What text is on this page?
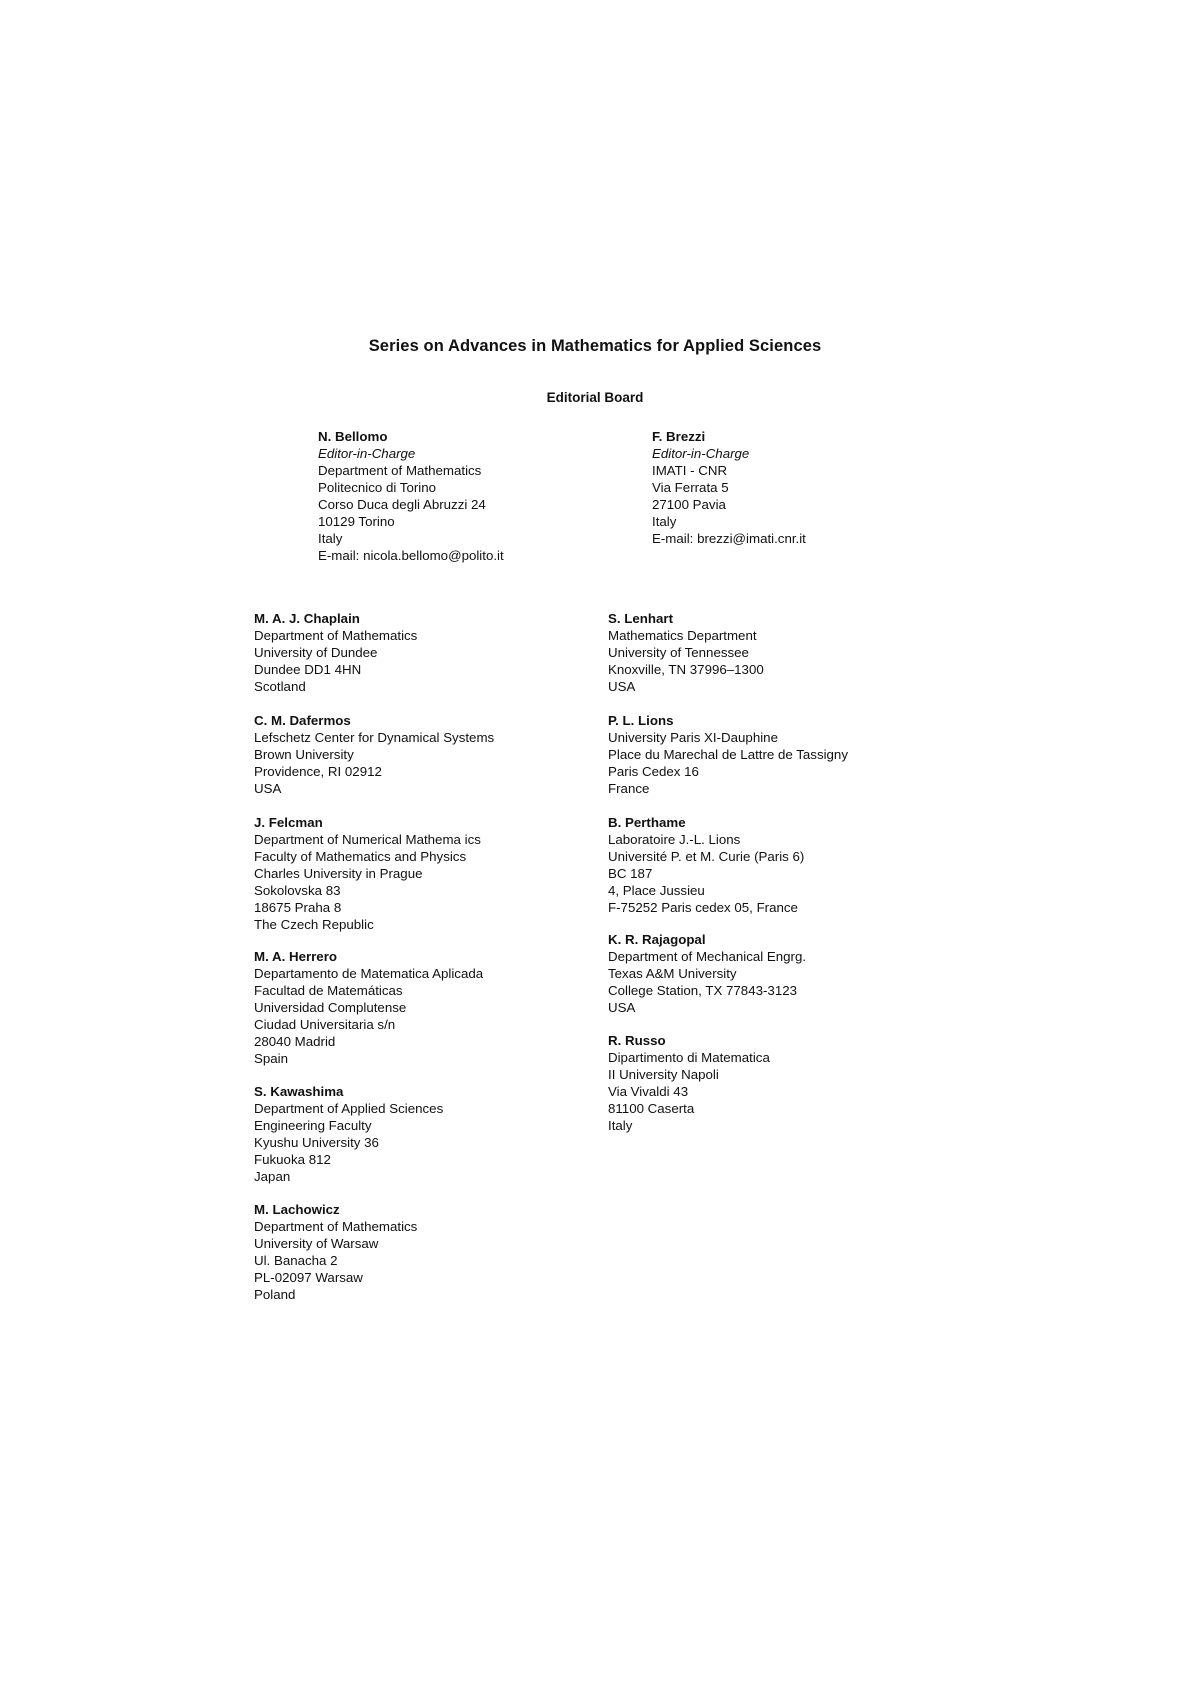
Series on Advances in Mathematics for Applied Sciences
Editorial Board
N. Bellomo
Editor-in-Charge
Department of Mathematics
Politecnico di Torino
Corso Duca degli Abruzzi 24
10129 Torino
Italy
E-mail: nicola.bellomo@polito.it
F. Brezzi
Editor-in-Charge
IMATI - CNR
Via Ferrata 5
27100 Pavia
Italy
E-mail: brezzi@imati.cnr.it
M. A. J. Chaplain
Department of Mathematics
University of Dundee
Dundee DD1 4HN
Scotland
C. M. Dafermos
Lefschetz Center for Dynamical Systems
Brown University
Providence, RI 02912
USA
J. Felcman
Department of Numerical Mathema ics
Faculty of Mathematics and Physics
Charles University in Prague
Sokolovska 83
18675 Praha 8
The Czech Republic
M. A. Herrero
Departamento de Matematica Aplicada
Facultad de Matemáticas
Universidad Complutense
Ciudad Universitaria s/n
28040 Madrid
Spain
S. Kawashima
Department of Applied Sciences
Engineering Faculty
Kyushu University 36
Fukuoka 812
Japan
M. Lachowicz
Department of Mathematics
University of Warsaw
Ul. Banacha 2
PL-02097 Warsaw
Poland
S. Lenhart
Mathematics Department
University of Tennessee
Knoxville, TN 37996–1300
USA
P. L. Lions
University Paris XI-Dauphine
Place du Marechal de Lattre de Tassigny
Paris Cedex 16
France
B. Perthame
Laboratoire J.-L. Lions
Université P. et M. Curie (Paris 6)
BC 187
4, Place Jussieu
F-75252 Paris cedex 05, France
K. R. Rajagopal
Department of Mechanical Engrg.
Texas A&M University
College Station, TX 77843-3123
USA
R. Russo
Dipartimento di Matematica
II University Napoli
Via Vivaldi 43
81100 Caserta
Italy
